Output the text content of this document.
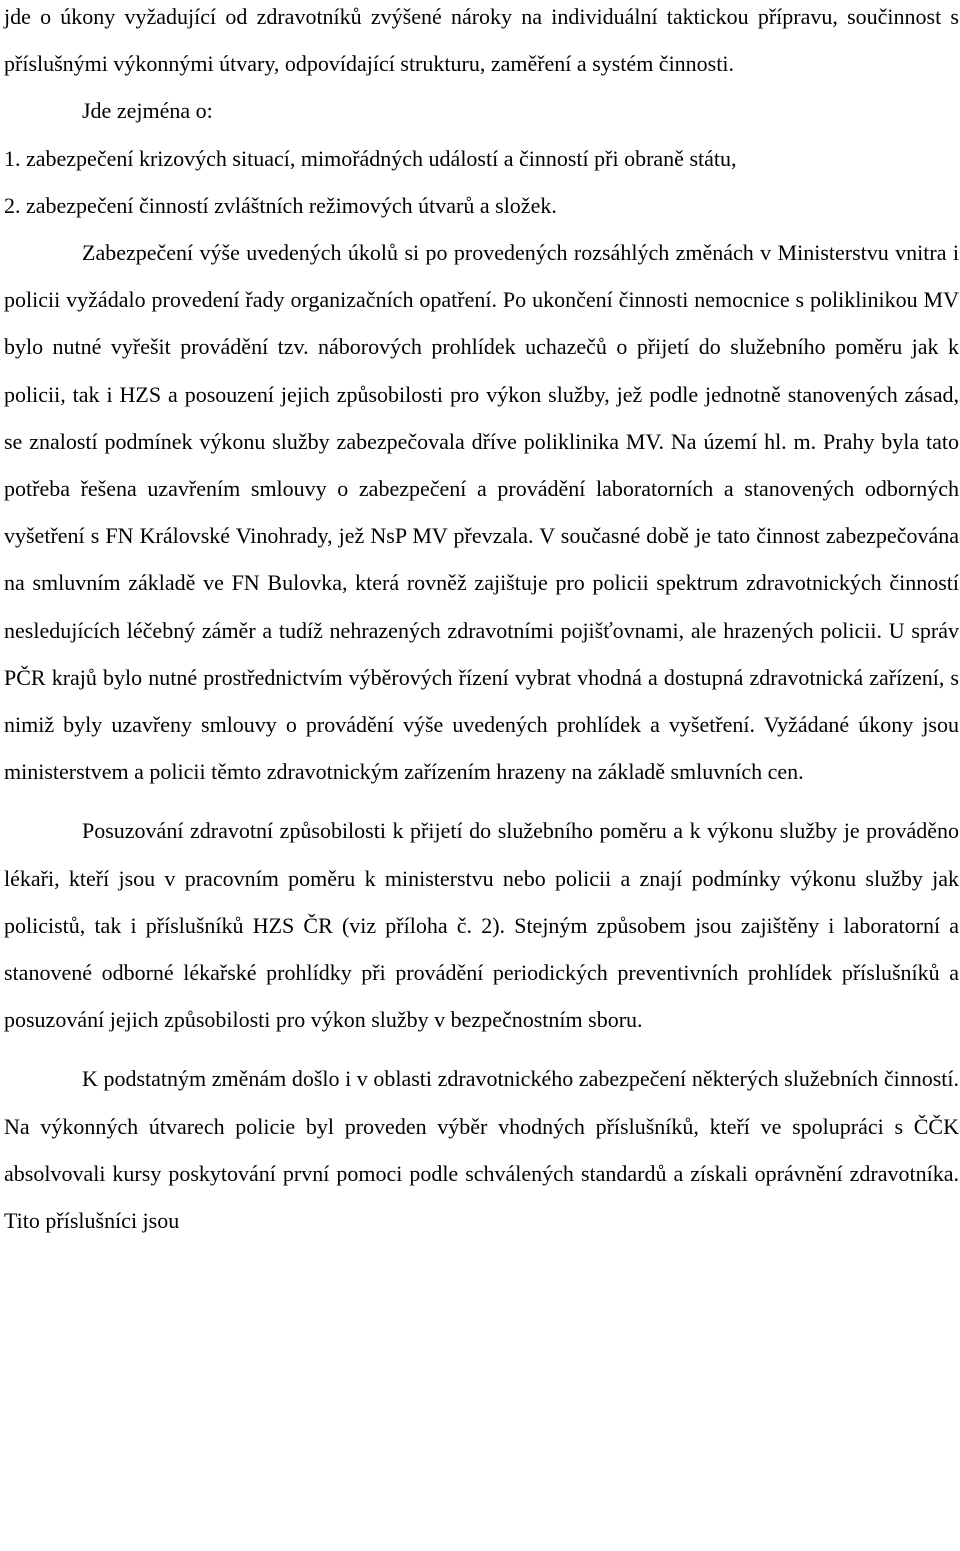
jde o úkony vyžadující od zdravotníků zvýšené nároky na individuální taktickou přípravu, součinnost s příslušnými výkonnými útvary, odpovídající strukturu, zaměření a systém činnosti.

Jde zejména o:

1. zabezpečení krizových situací, mimořádných událostí a činností při obraně státu,

2. zabezpečení činností zvláštních režimových útvarů a složek.

Zabezpečení výše uvedených úkolů si po provedených rozsáhlých změnách v Ministerstvu vnitra i policii vyžádalo provedení řady organizačních opatření. Po ukončení činnosti nemocnice s poliklinikou MV bylo nutné vyřešit provádění tzv. náborových prohlídek uchazečů o přijetí do služebního poměru jak k policii, tak i HZS a posouzení jejich způsobilosti pro výkon služby, jež podle jednotně stanovených zásad, se znalostí podmínek výkonu služby zabezpečovala dříve poliklinika MV. Na území hl. m. Prahy byla tato potřeba řešena uzavřením smlouvy o zabezpečení a provádění laboratorních a stanovených odborných vyšetření s FN Královské Vinohrady, jež NsP MV převzala. V současné době je tato činnost zabezpečována na smluvním základě ve FN Bulovka, která rovněž zajištuje pro policii spektrum zdravotnických činností nesledujících léčebný záměr a tudíž nehrazených zdravotními pojišťovnami, ale hrazených policii. U správ PČR krajů bylo nutné prostřednictvím výběrových řízení vybrat vhodná a dostupná zdravotnická zařízení, s nimiž byly uzavřeny smlouvy o provádění výše uvedených prohlídek a vyšetření. Vyžádané úkony jsou ministerstvem a policii těmto zdravotnickým zařízením hrazeny na základě smluvních cen.

Posuzování zdravotní způsobilosti k přijetí do služebního poměru a k výkonu služby je prováděno lékaři, kteří jsou v pracovním poměru k ministerstvu nebo policii a znají podmínky výkonu služby jak policistů, tak i příslušníků HZS ČR (viz příloha č. 2). Stejným způsobem jsou zajištěny i laboratorní a stanovené odborné lékařské prohlídky při provádění periodických preventivních prohlídek příslušníků a posuzování jejich způsobilosti pro výkon služby v bezpečnostním sboru.

K podstatným změnám došlo i v oblasti zdravotnického zabezpečení některých služebních činností. Na výkonných útvarech policie byl proveden výběr vhodných příslušníků, kteří ve spolupráci s ČČK absolvovali kursy poskytování první pomoci podle schválených standardů a získali oprávnění zdravotníka. Tito příslušníci jsou
